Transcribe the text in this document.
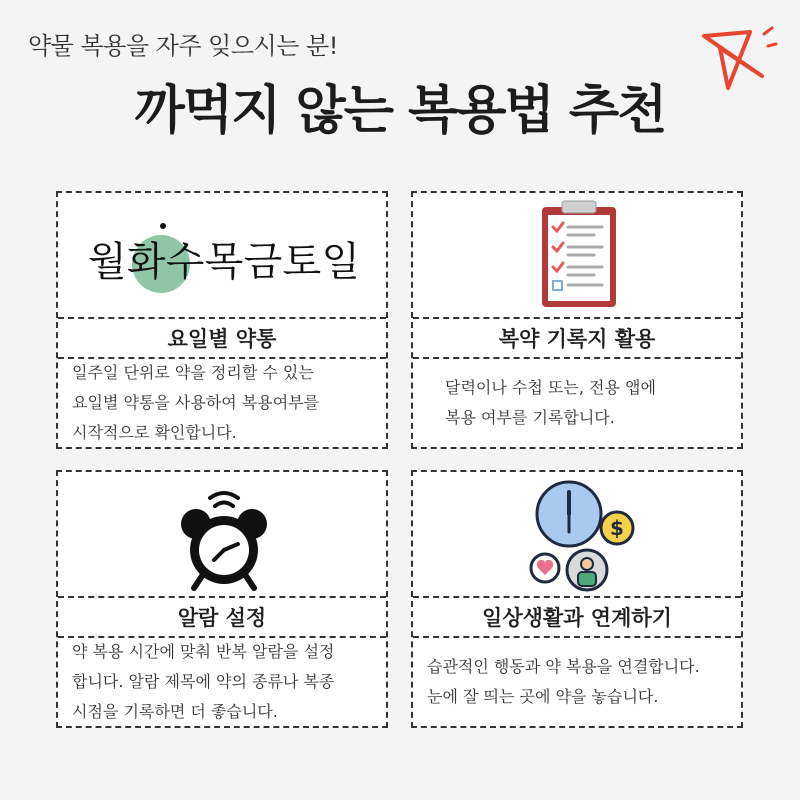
약물 복용을 자주 잊으시는 분!
까먹지 않는 복용법 추천
월 화 수 목 금 토 일
요일별 약통
일주일 단위로 약을 정리할 수 있는
요일별 약통을 사용하여 복용여부를
시작적으로 확인합니다.
복약 기록지 활용
달력이나 수첩 또는, 전용 앱에
복용 여부를 기록합니다.
알람 설정
약 복용 시간에 맞춰 반복 알람을 설정
합니다. 알람 제목에 약의 종류나 복종
시점을 기록하면 더 좋습니다.
$
일상생활과 연계하기
습관적인 행동과 약 복용을 연결합니다.
눈에 잘 띄는 곳에 약을 놓습니다.
